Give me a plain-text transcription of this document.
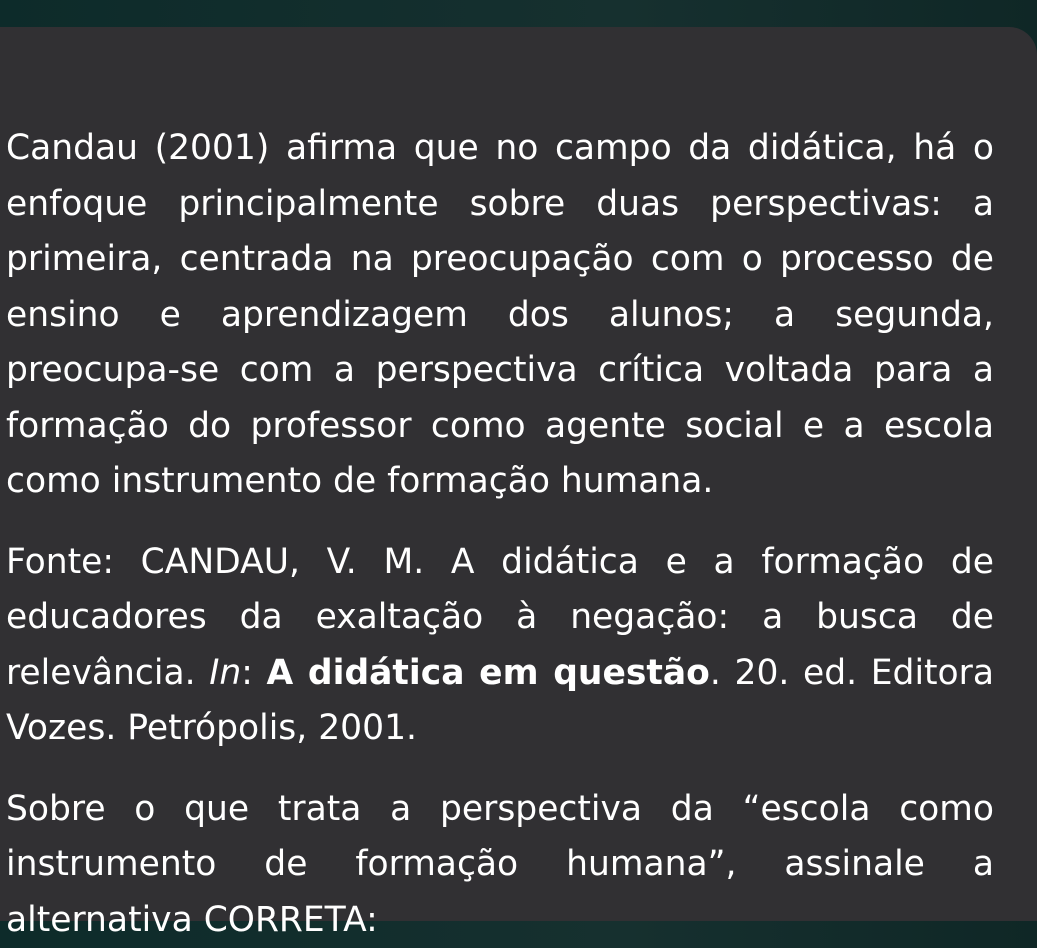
Candau (2001) afirma que no campo da didática, há o enfoque principalmente sobre duas perspectivas: a primeira, centrada na preocupação com o processo de ensino e aprendizagem dos alunos; a segunda, preocupa-se com a perspectiva crítica voltada para a formação do professor como agente social e a escola como instrumento de formação humana.

Fonte: CANDAU, V. M. A didática e a formação de educadores da exaltação à negação: a busca de relevância. In: A didática em questão. 20. ed. Editora Vozes. Petrópolis, 2001.

Sobre o que trata a perspectiva da “escola como instrumento de formação humana”, assinale a alternativa CORRETA:
